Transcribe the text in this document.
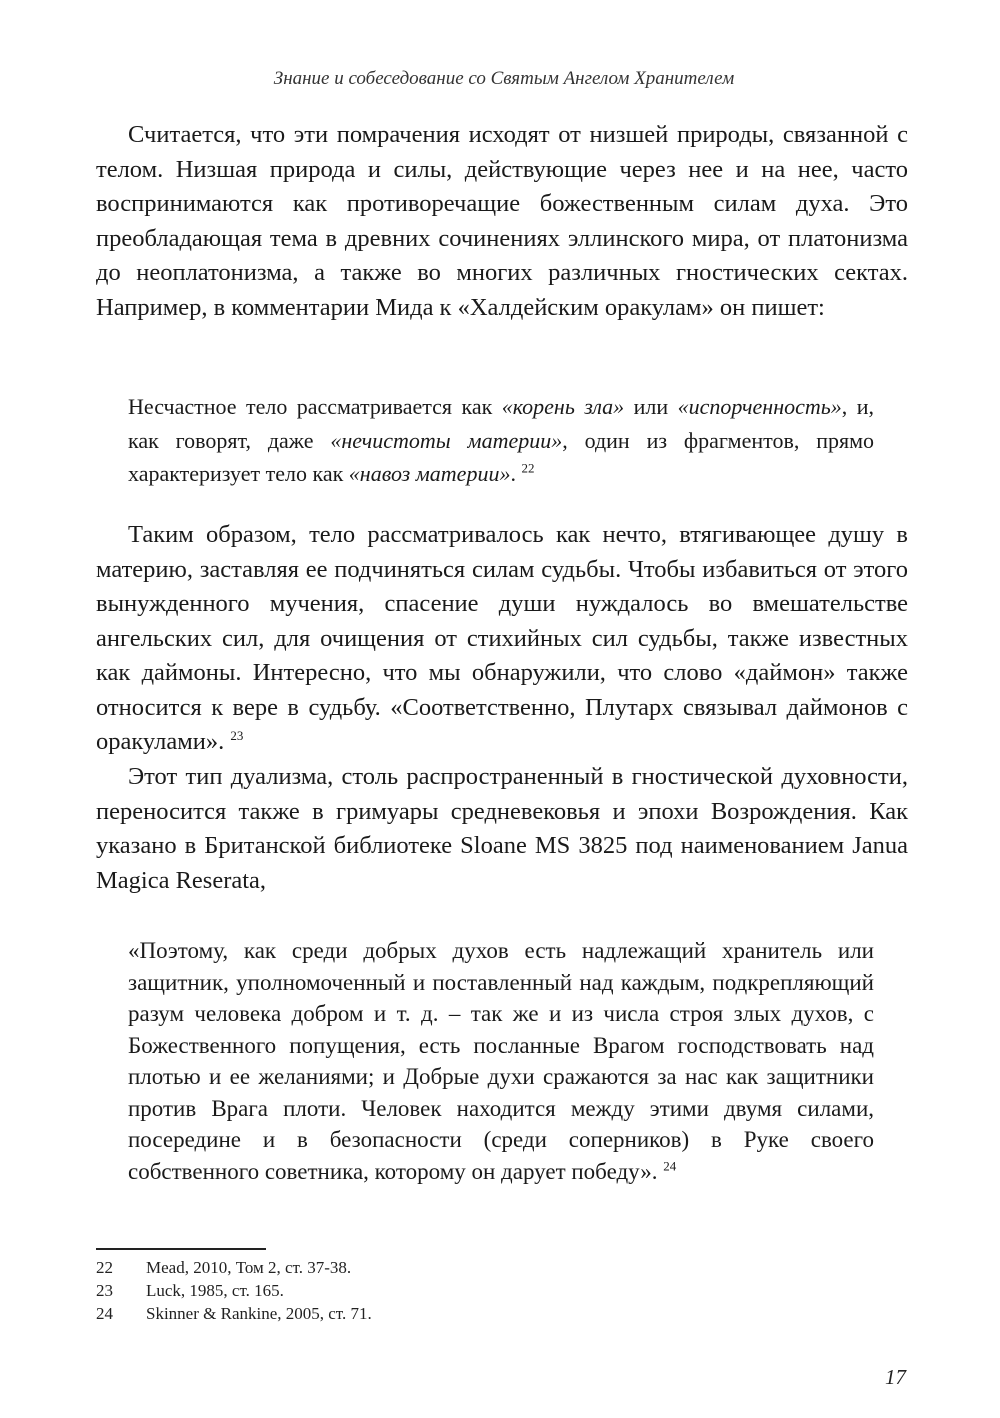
Знание и собеседование со Святым Ангелом Хранителем

Считается, что эти помрачения исходят от низшей природы, связанной с телом. Низшая природа и силы, действующие через нее и на нее, часто воспринимаются как противоречащие божественным силам духа. Это преобладающая тема в древних сочинениях эллинского мира, от платонизма до неоплатонизма, а также во многих различных гностических сектах. Например, в комментарии Мида к «Халдейским оракулам» он пишет:

Несчастное тело рассматривается как «корень зла» или «испорченность», и, как говорят, даже «нечистоты материи», один из фрагментов, прямо характеризует тело как «навоз материи». $^{22}$

Таким образом, тело рассматривалось как нечто, втягивающее душу в материю, заставляя ее подчиняться силам судьбы. Чтобы избавиться от этого вынужденного мучения, спасение души нуждалось во вмешательстве ангельских сил, для очищения от стихийных сил судьбы, также известных как даймоны. Интересно, что мы обнаружили, что слово «даймон» также относится к вере в судьбу. «Соответственно, Плутарх связывал даймонов с оракулами». $^{23}$

Этот тип дуализма, столь распространенный в гностической духовности, переносится также в гримуары средневековья и эпохи Возрождения. Как указано в Британской библиотеке Sloane MS 3825 под наименованием Janua Magica Reserata,

«Поэтому, как среди добрых духов есть надлежащий хранитель или защитник, уполномоченный и поставленный над каждым, подкрепляющий разум человека добром и т. д. – так же и из числа строя злых духов, с Божественного попущения, есть посланные Врагом господствовать над плотью и ее желаниями; и Добрые духи сражаются за нас как защитники против Врага плоти. Человек находится между этими двумя силами, посередине и в безопасности (среди соперников) в Руке своего собственного советника, которому он дарует победу». $^{24}$

22	Mead, 2010, Том 2, ст. 37-38.
23	Luck, 1985, ст. 165.
24	Skinner & Rankine, 2005, ст. 71.
17
